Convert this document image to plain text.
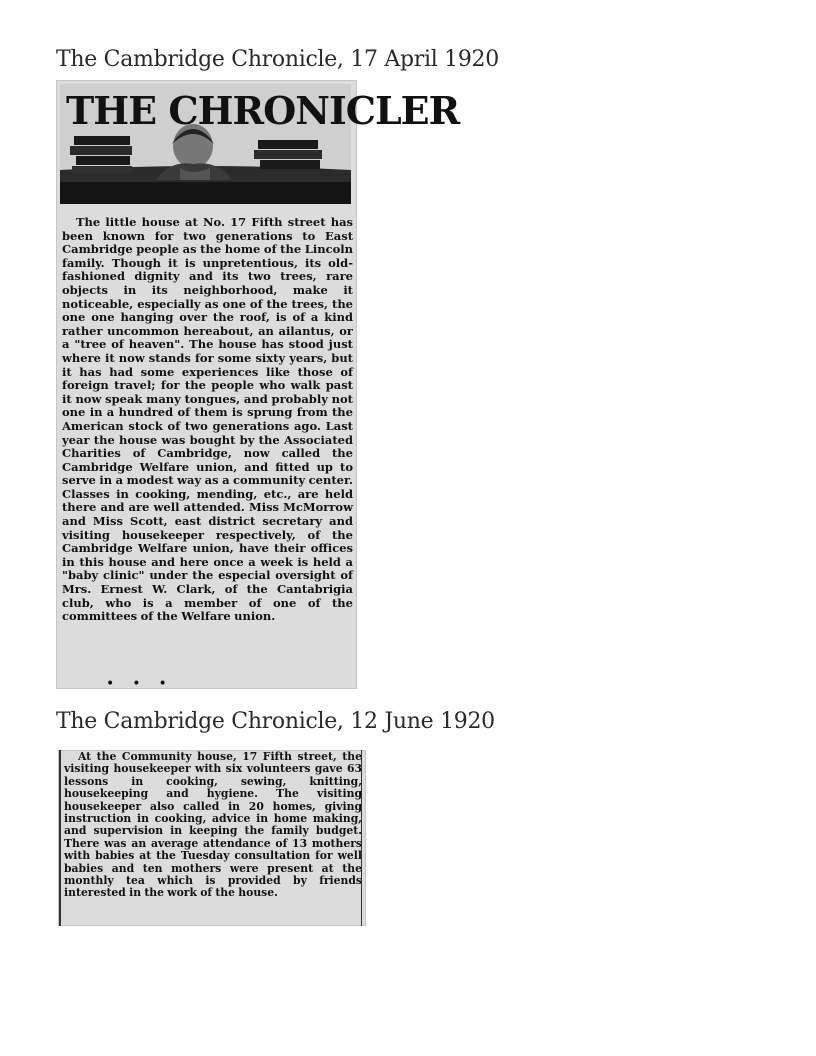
The Cambridge Chronicle, 17 April 1920
THE CHRONICLER

The little house at No. 17 Fifth street has been known for two generations to East Cambridge people as the home of the Lincoln family. Though it is unpretentious, its old-fashioned dignity and its two trees, rare objects in its neighborhood, make it noticeable, especially as one of the trees, the one one hanging over the roof, is of a kind rather uncommon hereabout, an ailantus, or a "tree of heaven". The house has stood just where it now stands for some sixty years, but it has had some experiences like those of foreign travel; for the people who walk past it now speak many tongues, and probably not one in a hundred of them is sprung from the American stock of two generations ago. Last year the house was bought by the Associated Charities of Cambridge, now called the Cambridge Welfare union, and fitted up to serve in a modest way as a community center. Classes in cooking, mending, etc., are held there and are well attended. Miss McMorrow and Miss Scott, east district secretary and visiting housekeeper respectively, of the Cambridge Welfare union, have their offices in this house and here once a week is held a "baby clinic" under the especial oversight of Mrs. Ernest W. Clark, of the Cantabrigia club, who is a member of one of the committees of the Welfare union.

•••
The Cambridge Chronicle, 12 June 1920

At the Community house, 17 Fifth street, the visiting housekeeper with six volunteers gave 63 lessons in cooking, sewing, knitting, housekeeping and hygiene. The visiting housekeeper also called in 20 homes, giving instruction in cooking, advice in home making, and supervision in keeping the family budget. There was an average attendance of 13 mothers with babies at the Tuesday consultation for well babies and ten mothers were present at the monthly tea which is provided by friends interested in the work of the house.
